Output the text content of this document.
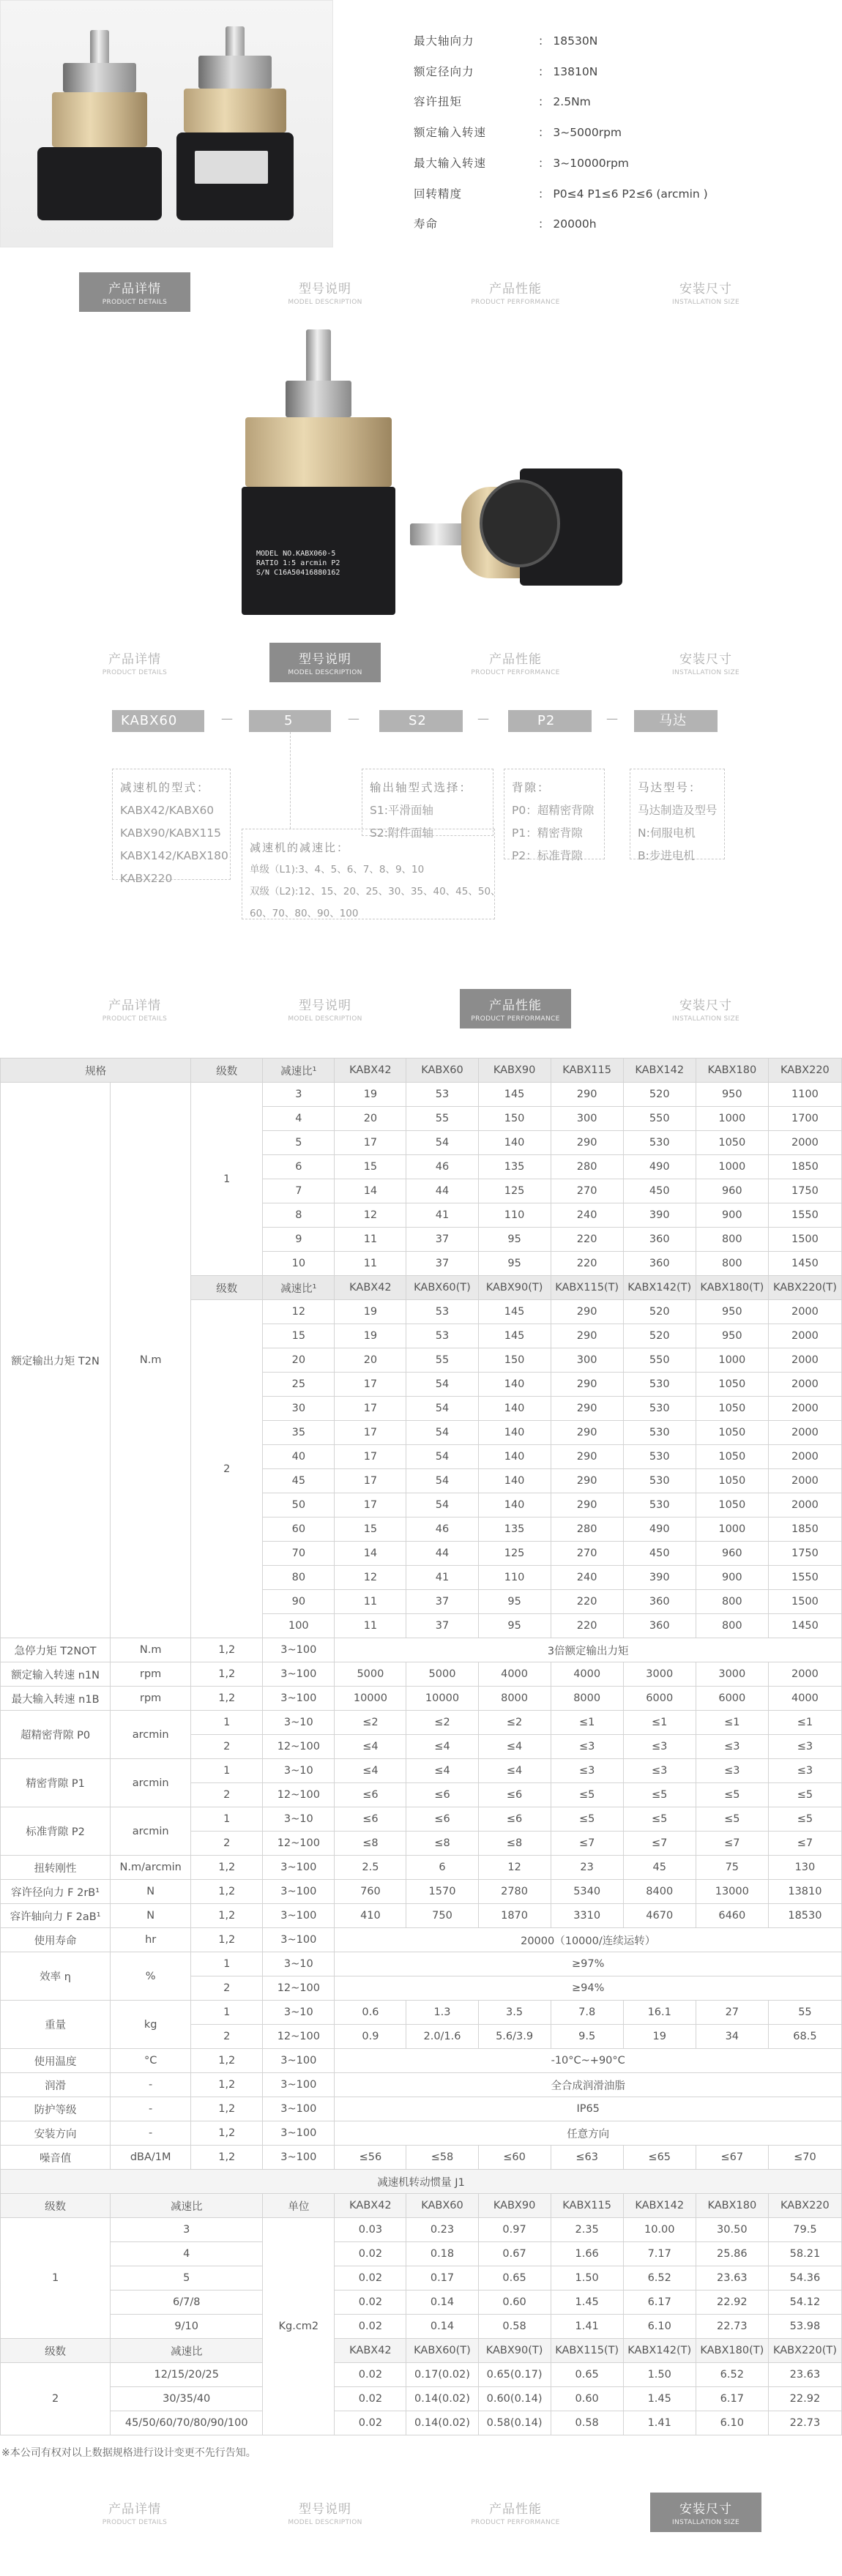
最大轴向力	： 18530N
额定径向力	： 13810N
容许扭矩	： 2.5Nm
额定输入转速	： 3~5000rpm
最大输入转速	： 3~10000rpm
回转精度	： P0≤4 P1≤6 P2≤6 (arcmin )
寿命	： 20000h
产品详情
PRODUCT DETAILS
型号说明
MODEL DESCRIPTION
产品性能
PRODUCT PERFORMANCE
安装尺寸
INSTALLATION SIZE
MODEL NO.KABX060-5
RATIO 1:5 arcmin P2
S/N C16A50416880162
产品详情
PRODUCT DETAILS
型号说明
MODEL DESCRIPTION
产品性能
PRODUCT PERFORMANCE
安装尺寸
INSTALLATION SIZE
KABX60	—	5	—	S2	—	P2	—	马达
减速机的型式：
KABX42/KABX60
KABX90/KABX115
KABX142/KABX180
KABX220
减速机的减速比：
单级（L1):3、4、5、6、7、8、9、10
双级（L2):12、15、20、25、30、35、40、45、50、
60、70、80、90、100
输出轴型式选择：
S1:平滑面轴
S2:附件面轴
背隙：
P0：超精密背隙
P1：精密背隙
P2：标准背隙
马达型号：
马达制造及型号
N:伺服电机
B:步进电机
产品详情
PRODUCT DETAILS
型号说明
MODEL DESCRIPTION
产品性能
PRODUCT PERFORMANCE
安装尺寸
INSTALLATION SIZE
规格		级数	减速比¹	KABX42	KABX60	KABX90	KABX115	KABX142	KABX180	KABX220
额定输出力矩 T2N	N.m	1	3	19	53	145	290	520	950	1100
			4	20	55	150	300	550	1000	1700
			5	17	54	140	290	530	1050	2000
			6	15	46	135	280	490	1000	1850
			7	14	44	125	270	450	960	1750
			8	12	41	110	240	390	900	1550
			9	11	37	95	220	360	800	1500
			10	11	37	95	220	360	800	1450
		级数	减速比¹	KABX42	KABX60(T)	KABX90(T)	KABX115(T)	KABX142(T)	KABX180(T)	KABX220(T)
		2	12	19	53	145	290	520	950	2000
			15	19	53	145	290	520	950	2000
			20	20	55	150	300	550	1000	2000
			25	17	54	140	290	530	1050	2000
			30	17	54	140	290	530	1050	2000
			35	17	54	140	290	530	1050	2000
			40	17	54	140	290	530	1050	2000
			45	17	54	140	290	530	1050	2000
			50	17	54	140	290	530	1050	2000
			60	15	46	135	280	490	1000	1850
			70	14	44	125	270	450	960	1750
			80	12	41	110	240	390	900	1550
			90	11	37	95	220	360	800	1500
			100	11	37	95	220	360	800	1450
急停力矩 T2NOT	N.m	1,2	3~100	3倍额定输出力矩						
额定输入转速 n1N	rpm	1,2	3~100	5000	5000	4000	4000	3000	3000	2000
最大输入转速 n1B	rpm	1,2	3~100	10000	10000	8000	8000	6000	6000	4000
超精密背隙 P0	arcmin	1	3~10	≤2	≤2	≤2	≤1	≤1	≤1	≤1
		2	12~100	≤4	≤4	≤4	≤3	≤3	≤3	≤3
精密背隙 P1	arcmin	1	3~10	≤4	≤4	≤4	≤3	≤3	≤3	≤3
		2	12~100	≤6	≤6	≤6	≤5	≤5	≤5	≤5
标准背隙 P2	arcmin	1	3~10	≤6	≤6	≤6	≤5	≤5	≤5	≤5
		2	12~100	≤8	≤8	≤8	≤7	≤7	≤7	≤7
扭转刚性	N.m/arcmin	1,2	3~100	2.5	6	12	23	45	75	130
容许径向力 F 2rB¹	N	1,2	3~100	760	1570	2780	5340	8400	13000	13810
容许轴向力 F 2aB¹	N	1,2	3~100	410	750	1870	3310	4670	6460	18530
使用寿命	hr	1,2	3~100	20000（10000/连续运转）						
效率 η	%	1	3~10	≥97%						
		2	12~100	≥94%						
重量	kg	1	3~10	0.6	1.3	3.5	7.8	16.1	27	55
		2	12~100	0.9	2.0/1.6	5.6/3.9	9.5	19	34	68.5
使用温度	°C	1,2	3~100	-10°C~+90°C						
润滑	-	1,2	3~100	全合成润滑油脂						
防护等级	-	1,2	3~100	IP65						
安装方向	-	1,2	3~100	任意方向						
噪音值	dBA/1M	1,2	3~100	≤56	≤58	≤60	≤63	≤65	≤67	≤70
减速机转动惯量 J1										
级数	减速比		单位	KABX42	KABX60	KABX90	KABX115	KABX142	KABX180	KABX220
1	3		Kg.cm2	0.03	0.23	0.97	2.35	10.00	30.50	79.5
	4			0.02	0.18	0.67	1.66	7.17	25.86	58.21
	5			0.02	0.17	0.65	1.50	6.52	23.63	54.36
	6/7/8			0.02	0.14	0.60	1.45	6.17	22.92	54.12
	9/10			0.02	0.14	0.58	1.41	6.10	22.73	53.98
级数	减速比			KABX42	KABX60(T)	KABX90(T)	KABX115(T)	KABX142(T)	KABX180(T)	KABX220(T)
2	12/15/20/25			0.02	0.17(0.02)	0.65(0.17)	0.65	1.50	6.52	23.63
	30/35/40			0.02	0.14(0.02)	0.60(0.14)	0.60	1.45	6.17	22.92
	45/50/60/70/80/90/100			0.02	0.14(0.02)	0.58(0.14)	0.58	1.41	6.10	22.73
※本公司有权对以上数据规格进行设计变更不先行告知。
产品详情
PRODUCT DETAILS
型号说明
MODEL DESCRIPTION
产品性能
PRODUCT PERFORMANCE
安装尺寸
INSTALLATION SIZE
